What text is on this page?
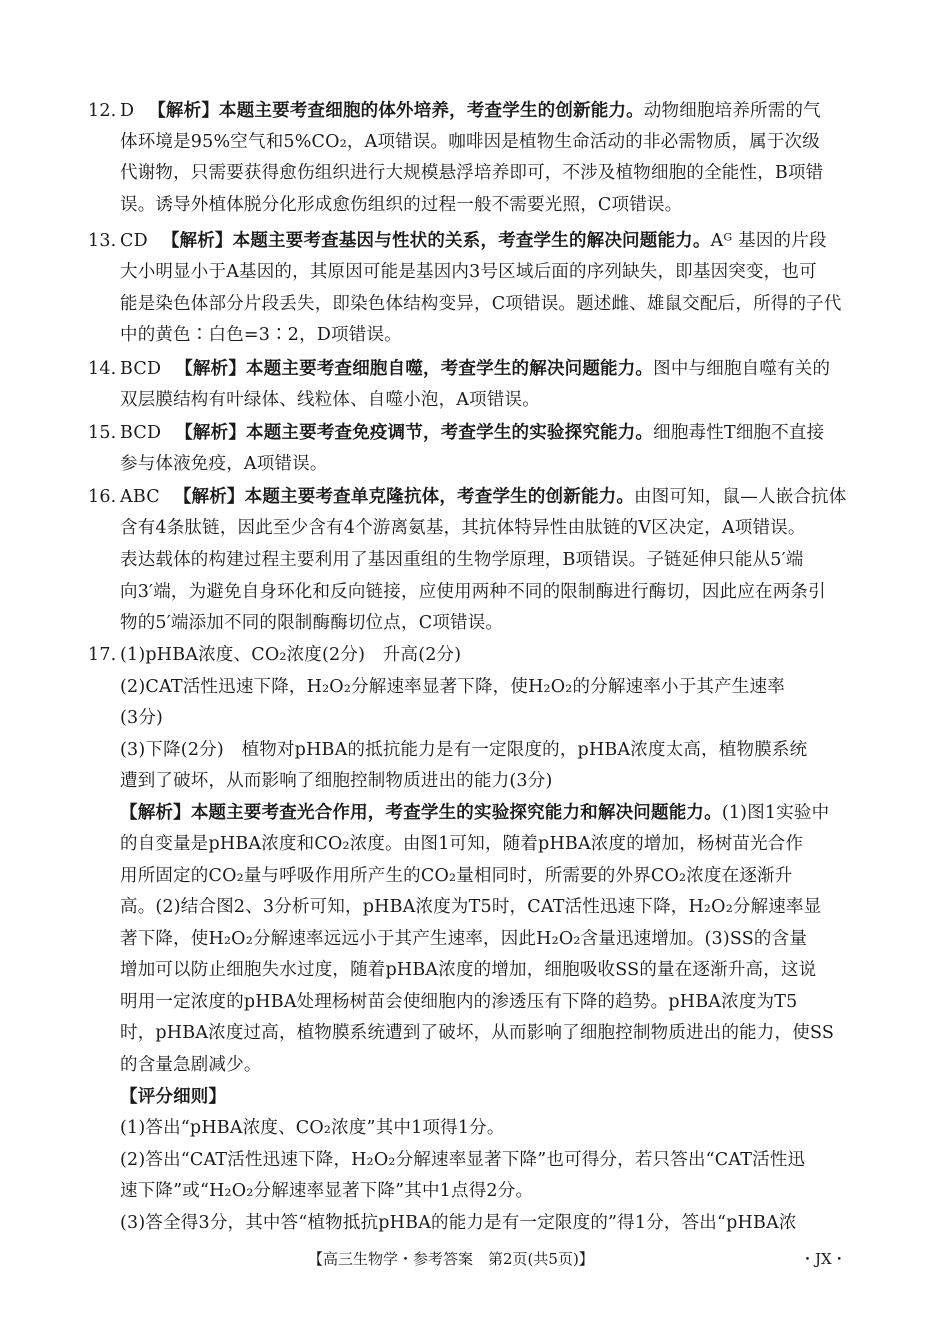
12. D 【解析】本题主要考查细胞的体外培养，考查学生的创新能力。动物细胞培养所需的气
体环境是95%空气和5%CO₂，A项错误。咖啡因是植物生命活动的非必需物质，属于次级
代谢物，只需要获得愈伤组织进行大规模悬浮培养即可，不涉及植物细胞的全能性，B项错
误。诱导外植体脱分化形成愈伤组织的过程一般不需要光照，C项错误。
13. CD 【解析】本题主要考查基因与性状的关系，考查学生的解决问题能力。Aᴳ 基因的片段
大小明显小于A基因的，其原因可能是基因内3号区域后面的序列缺失，即基因突变，也可
能是染色体部分片段丢失，即染色体结构变异，C项错误。题述雌、雄鼠交配后，所得的子代
中的黄色∶白色=3∶2，D项错误。
14. BCD 【解析】本题主要考查细胞自噬，考查学生的解决问题能力。图中与细胞自噬有关的
双层膜结构有叶绿体、线粒体、自噬小泡，A项错误。
15. BCD 【解析】本题主要考查免疫调节，考查学生的实验探究能力。细胞毒性T细胞不直接
参与体液免疫，A项错误。
16. ABC 【解析】本题主要考查单克隆抗体，考查学生的创新能力。由图可知，鼠—人嵌合抗体
含有4条肽链，因此至少含有4个游离氨基，其抗体特异性由肽链的V区决定，A项错误。
表达载体的构建过程主要利用了基因重组的生物学原理，B项错误。子链延伸只能从5′端
向3′端，为避免自身环化和反向链接，应使用两种不同的限制酶进行酶切，因此应在两条引
物的5′端添加不同的限制酶酶切位点，C项错误。
17. (1)pHBA浓度、CO₂浓度(2分)　升高(2分)
(2)CAT活性迅速下降，H₂O₂分解速率显著下降，使H₂O₂的分解速率小于其产生速率
(3分)
(3)下降(2分)　植物对pHBA的抵抗能力是有一定限度的，pHBA浓度太高，植物膜系统
遭到了破坏，从而影响了细胞控制物质进出的能力(3分)
【解析】本题主要考查光合作用，考查学生的实验探究能力和解决问题能力。(1)图1实验中
的自变量是pHBA浓度和CO₂浓度。由图1可知，随着pHBA浓度的增加，杨树苗光合作
用所固定的CO₂量与呼吸作用所产生的CO₂量相同时，所需要的外界CO₂浓度在逐渐升
高。(2)结合图2、3分析可知，pHBA浓度为T5时，CAT活性迅速下降，H₂O₂分解速率显
著下降，使H₂O₂分解速率远远小于其产生速率，因此H₂O₂含量迅速增加。(3)SS的含量
增加可以防止细胞失水过度，随着pHBA浓度的增加，细胞吸收SS的量在逐渐升高，这说
明用一定浓度的pHBA处理杨树苗会使细胞内的渗透压有下降的趋势。pHBA浓度为T5
时，pHBA浓度过高，植物膜系统遭到了破坏，从而影响了细胞控制物质进出的能力，使SS
的含量急剧减少。
【评分细则】
(1)答出“pHBA浓度、CO₂浓度”其中1项得1分。
(2)答出“CAT活性迅速下降，H₂O₂分解速率显著下降”也可得分，若只答出“CAT活性迅
速下降”或“H₂O₂分解速率显著下降”其中1点得2分。
(3)答全得3分，其中答“植物抵抗pHBA的能力是有一定限度的”得1分，答出“pHBA浓
【高三生物学・参考答案　第2页(共5页)】	・JX・
